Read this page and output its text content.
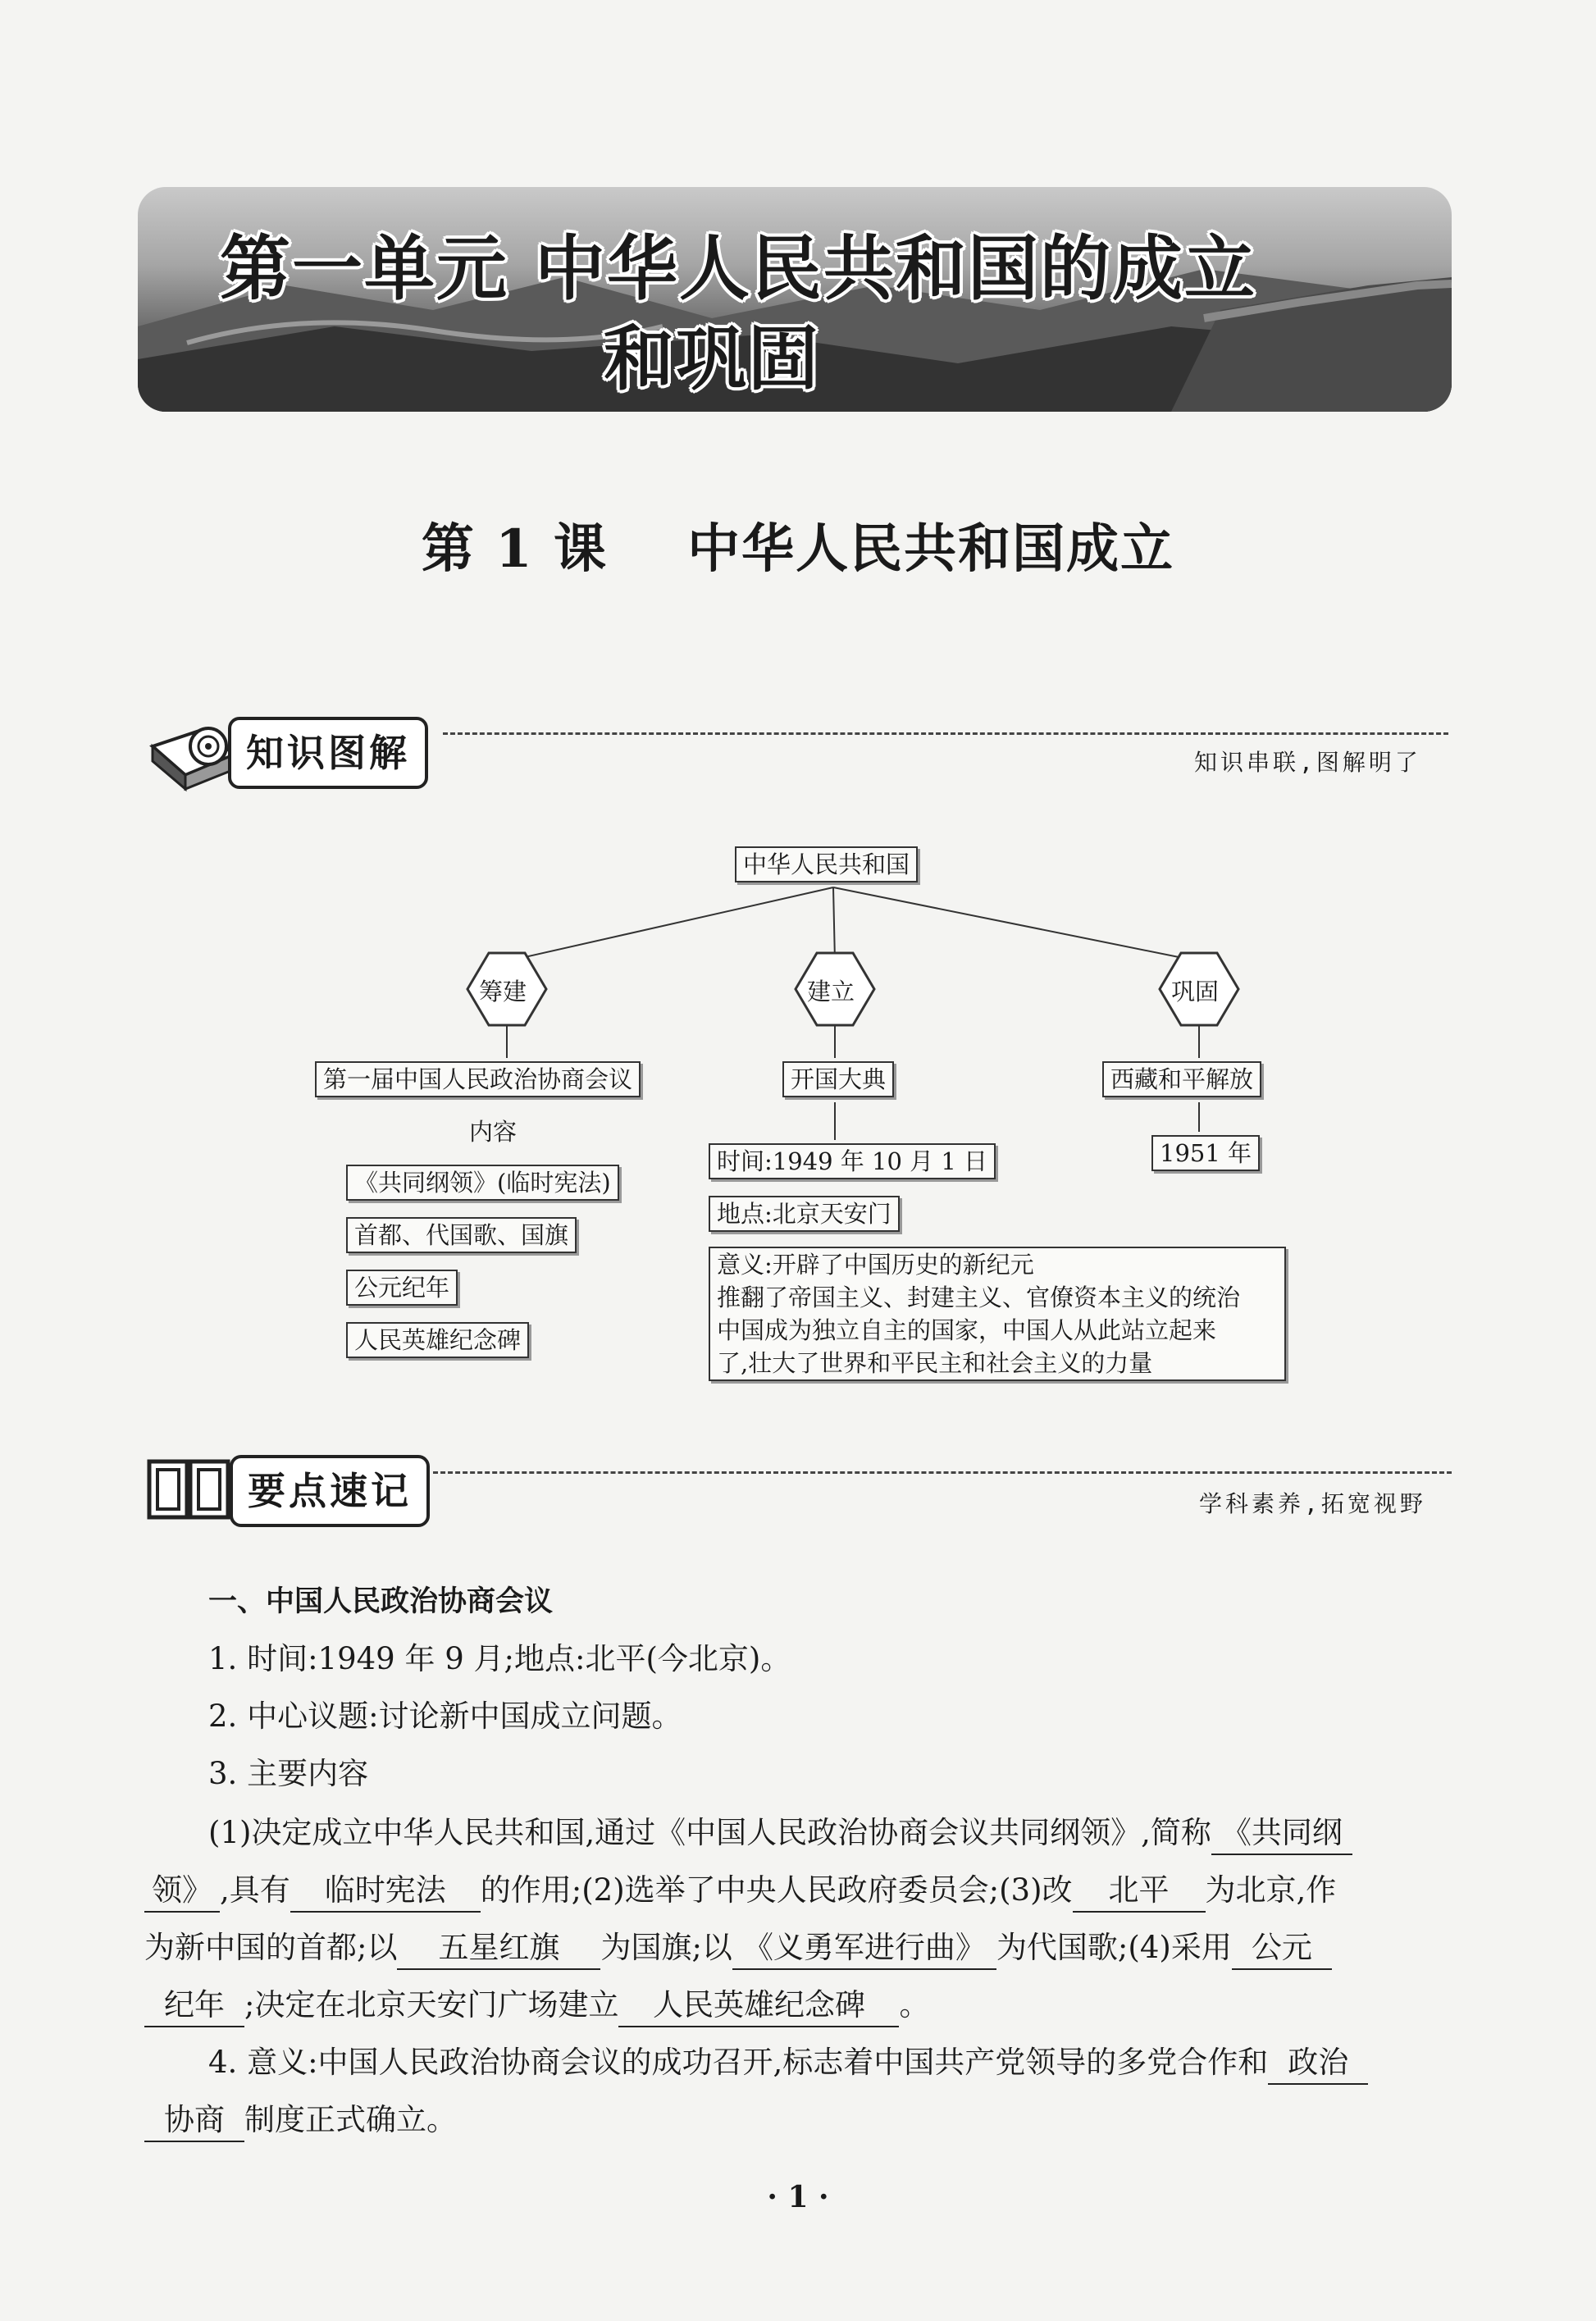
第一单元 中华人民共和国的成立
和巩固
第 1 课    中华人民共和国成立
知识图解	知识串联,图解明了
中华人民共和国
筹建	建立	巩固
第一届中国人民政治协商会议	开国大典	西藏和平解放
内容
《共同纲领》(临时宪法)
首都、代国歌、国旗
公元纪年
人民英雄纪念碑
时间:1949 年 10 月 1 日
地点:北京天安门
意义:开辟了中国历史的新纪元
推翻了帝国主义、封建主义、官僚资本主义的统治
中国成为独立自主的国家，中国人从此站立起来
了,壮大了世界和平民主和社会主义的力量
1951 年
要点速记	学科素养,拓宽视野
一、中国人民政治协商会议
1. 时间:1949 年 9 月;地点:北平(今北京)。
2. 中心议题:讨论新中国成立问题。
3. 主要内容
(1)决定成立中华人民共和国,通过《中国人民政治协商会议共同纲领》,简称 《共同纲
领》 ,具有 临时宪法 的作用;(2)选举了中央人民政府委员会;(3)改 北平 为北京,作
为新中国的首都;以 五星红旗 为国旗;以 《义勇军进行曲》 为代国歌;(4)采用 公元
纪年 ;决定在北京天安门广场建立 人民英雄纪念碑 。
4. 意义:中国人民政治协商会议的成功召开,标志着中国共产党领导的多党合作和 政治
协商 制度正式确立。
· 1 ·
